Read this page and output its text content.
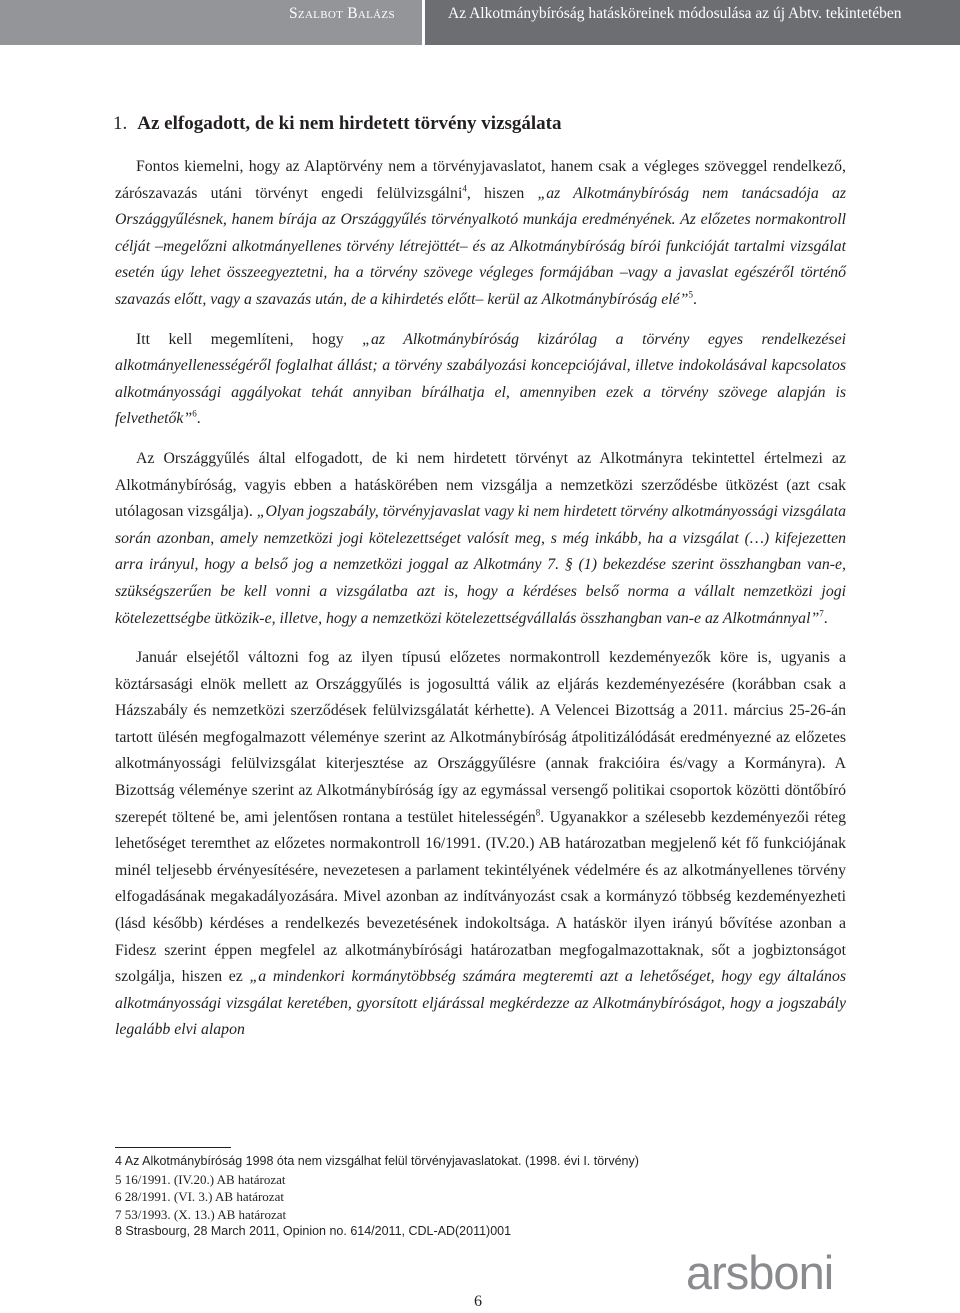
Szalbot Balázs	Az Alkotmánybíróság hatásköreinek módosulása az új Abtv. tekintetében
1. Az elfogadott, de ki nem hirdetett törvény vizsgálata

Fontos kiemelni, hogy az Alaptörvény nem a törvényjavaslatot, hanem csak a végleges szöveggel rendelkező, zárószavazás utáni törvényt engedi felülvizsgálni$^4$, hiszen „az Alkotmánybíróság nem tanácsadója az Országgyűlésnek, hanem bírája az Országgyűlés törvényalkotó munkája eredményének. Az előzetes normakontroll célját ‒megelőzni alkotmányellenes törvény létrejöttét‒ és az Alkotmánybíróság bírói funkcióját tartalmi vizsgálat esetén úgy lehet összeegyeztetni, ha a törvény szövege végleges formájában ‒vagy a javaslat egészéről történő szavazás előtt, vagy a szavazás után, de a kihirdetés előtt‒ kerül az Alkotmánybíróság elé”$^5$.

Itt kell megemlíteni, hogy „az Alkotmánybíróság kizárólag a törvény egyes rendelkezései alkotmányellenességéről foglalhat állást; a törvény szabályozási koncepciójával, illetve indokolásával kapcsolatos alkotmányossági aggályokat tehát annyiban bírálhatja el, amennyiben ezek a törvény szövege alapján is felvethetők”$^6$.

Az Országgyűlés által elfogadott, de ki nem hirdetett törvényt az Alkotmányra tekintettel értelmezi az Alkotmánybíróság, vagyis ebben a hatáskörében nem vizsgálja a nemzetközi szerződésbe ütközést (azt csak utólagosan vizsgálja). „Olyan jogszabály, törvényjavaslat vagy ki nem hirdetett törvény alkotmányossági vizsgálata során azonban, amely nemzetközi jogi kötelezettséget valósít meg, s még inkább, ha a vizsgálat (…) kifejezetten arra irányul, hogy a belső jog a nemzetközi joggal az Alkotmány 7. § (1) bekezdése szerint összhangban van-e, szükségszerűen be kell vonni a vizsgálatba azt is, hogy a kérdéses belső norma a vállalt nemzetközi jogi kötelezettségbe ütközik-e, illetve, hogy a nemzetközi kötelezettségvállalás összhangban van-e az Alkotmánnyal”$^7$.

Január elsejétől változni fog az ilyen típusú előzetes normakontroll kezdeményezők köre is, ugyanis a köztársasági elnök mellett az Országgyűlés is jogosulttá válik az eljárás kezdeményezésére (korábban csak a Házszabály és nemzetközi szerződések felülvizsgálatát kérhette). A Velencei Bizottság a 2011. március 25-26-án tartott ülésén megfogalmazott véleménye szerint az Alkotmánybíróság átpolitizálódását eredményezné az előzetes alkotmányossági felülvizsgálat kiterjesztése az Országgyűlésre (annak frakcióira és/vagy a Kormányra). A Bizottság véleménye szerint az Alkotmánybíróság így az egymással versengő politikai csoportok közötti döntőbíró szerepét töltené be, ami jelentősen rontana a testület hitelességén$^8$. Ugyanakkor a szélesebb kezdeményezői réteg lehetőséget teremthet az előzetes normakontroll 16/1991. (IV.20.) AB határozatban megjelenő két fő funkciójának minél teljesebb érvényesítésére, nevezetesen a parlament tekintélyének védelmére és az alkotmányellenes törvény elfogadásának megakadályozására. Mivel azonban az indítványozást csak a kormányzó többség kezdeményezheti (lásd később) kérdéses a rendelkezés bevezetésének indokoltsága. A hatáskör ilyen irányú bővítése azonban a Fidesz szerint éppen megfelel az alkotmánybírósági határozatban megfogalmazottaknak, sőt a jogbiztonságot szolgálja, hiszen ez „a mindenkori kormánytöbbség számára megteremti azt a lehetőséget, hogy egy általános alkotmányossági vizsgálat keretében, gyorsított eljárással megkérdezze az Alkotmánybíróságot, hogy a jogszabály legalább elvi alapon

4 Az Alkotmánybíróság 1998 óta nem vizsgálhat felül törvényjavaslatokat. (1998. évi I. törvény)
5 16/1991. (IV.20.) AB határozat
6 28/1991. (VI. 3.) AB határozat
7 53/1993. (X. 13.) AB határozat
8 Strasbourg, 28 March 2011, Opinion no. 614/2011, CDL-AD(2011)001
arsboni
6
